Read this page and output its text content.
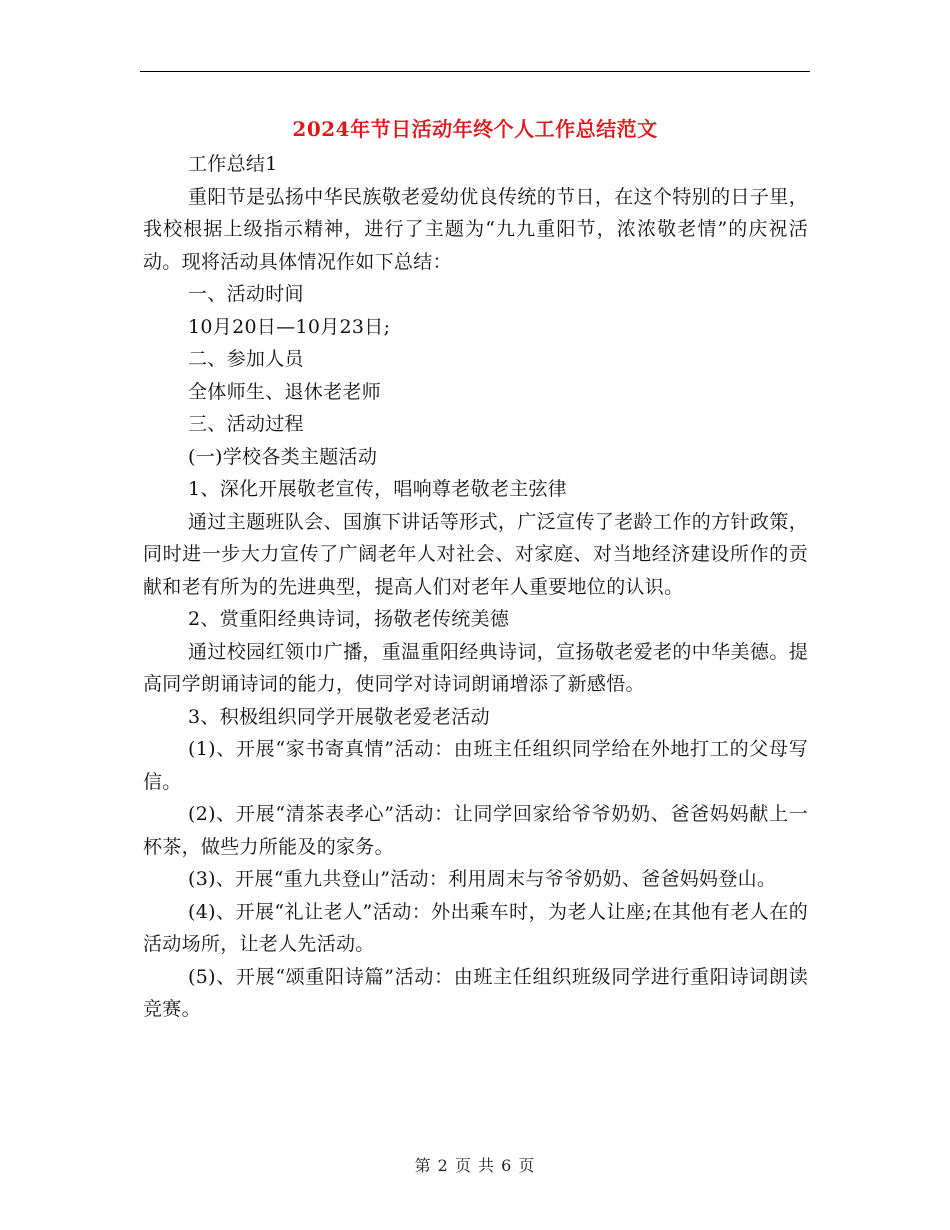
2024年节日活动年终个人工作总结范文

工作总结1

重阳节是弘扬中华民族敬老爱幼优良传统的节日，在这个特别的日子里，我校根据上级指示精神，进行了主题为“九九重阳节，浓浓敬老情”的庆祝活动。现将活动具体情况作如下总结：

一、活动时间

10月20日—10月23日;

二、参加人员

全体师生、退休老老师

三、活动过程

(一)学校各类主题活动

1、深化开展敬老宣传，唱响尊老敬老主弦律

通过主题班队会、国旗下讲话等形式，广泛宣传了老龄工作的方针政策，同时进一步大力宣传了广阔老年人对社会、对家庭、对当地经济建设所作的贡献和老有所为的先进典型，提高人们对老年人重要地位的认识。

2、赏重阳经典诗词，扬敬老传统美德

通过校园红领巾广播，重温重阳经典诗词，宣扬敬老爱老的中华美德。提高同学朗诵诗词的能力，使同学对诗词朗诵增添了新感悟。

3、积极组织同学开展敬老爱老活动

(1)、开展“家书寄真情”活动：由班主任组织同学给在外地打工的父母写信。

(2)、开展“清茶表孝心”活动：让同学回家给爷爷奶奶、爸爸妈妈献上一杯茶，做些力所能及的家务。

(3)、开展“重九共登山”活动：利用周末与爷爷奶奶、爸爸妈妈登山。

(4)、开展“礼让老人”活动：外出乘车时，为老人让座;在其他有老人在的活动场所，让老人先活动。

(5)、开展“颂重阳诗篇”活动：由班主任组织班级同学进行重阳诗词朗读竞赛。

第 2 页 共 6 页
